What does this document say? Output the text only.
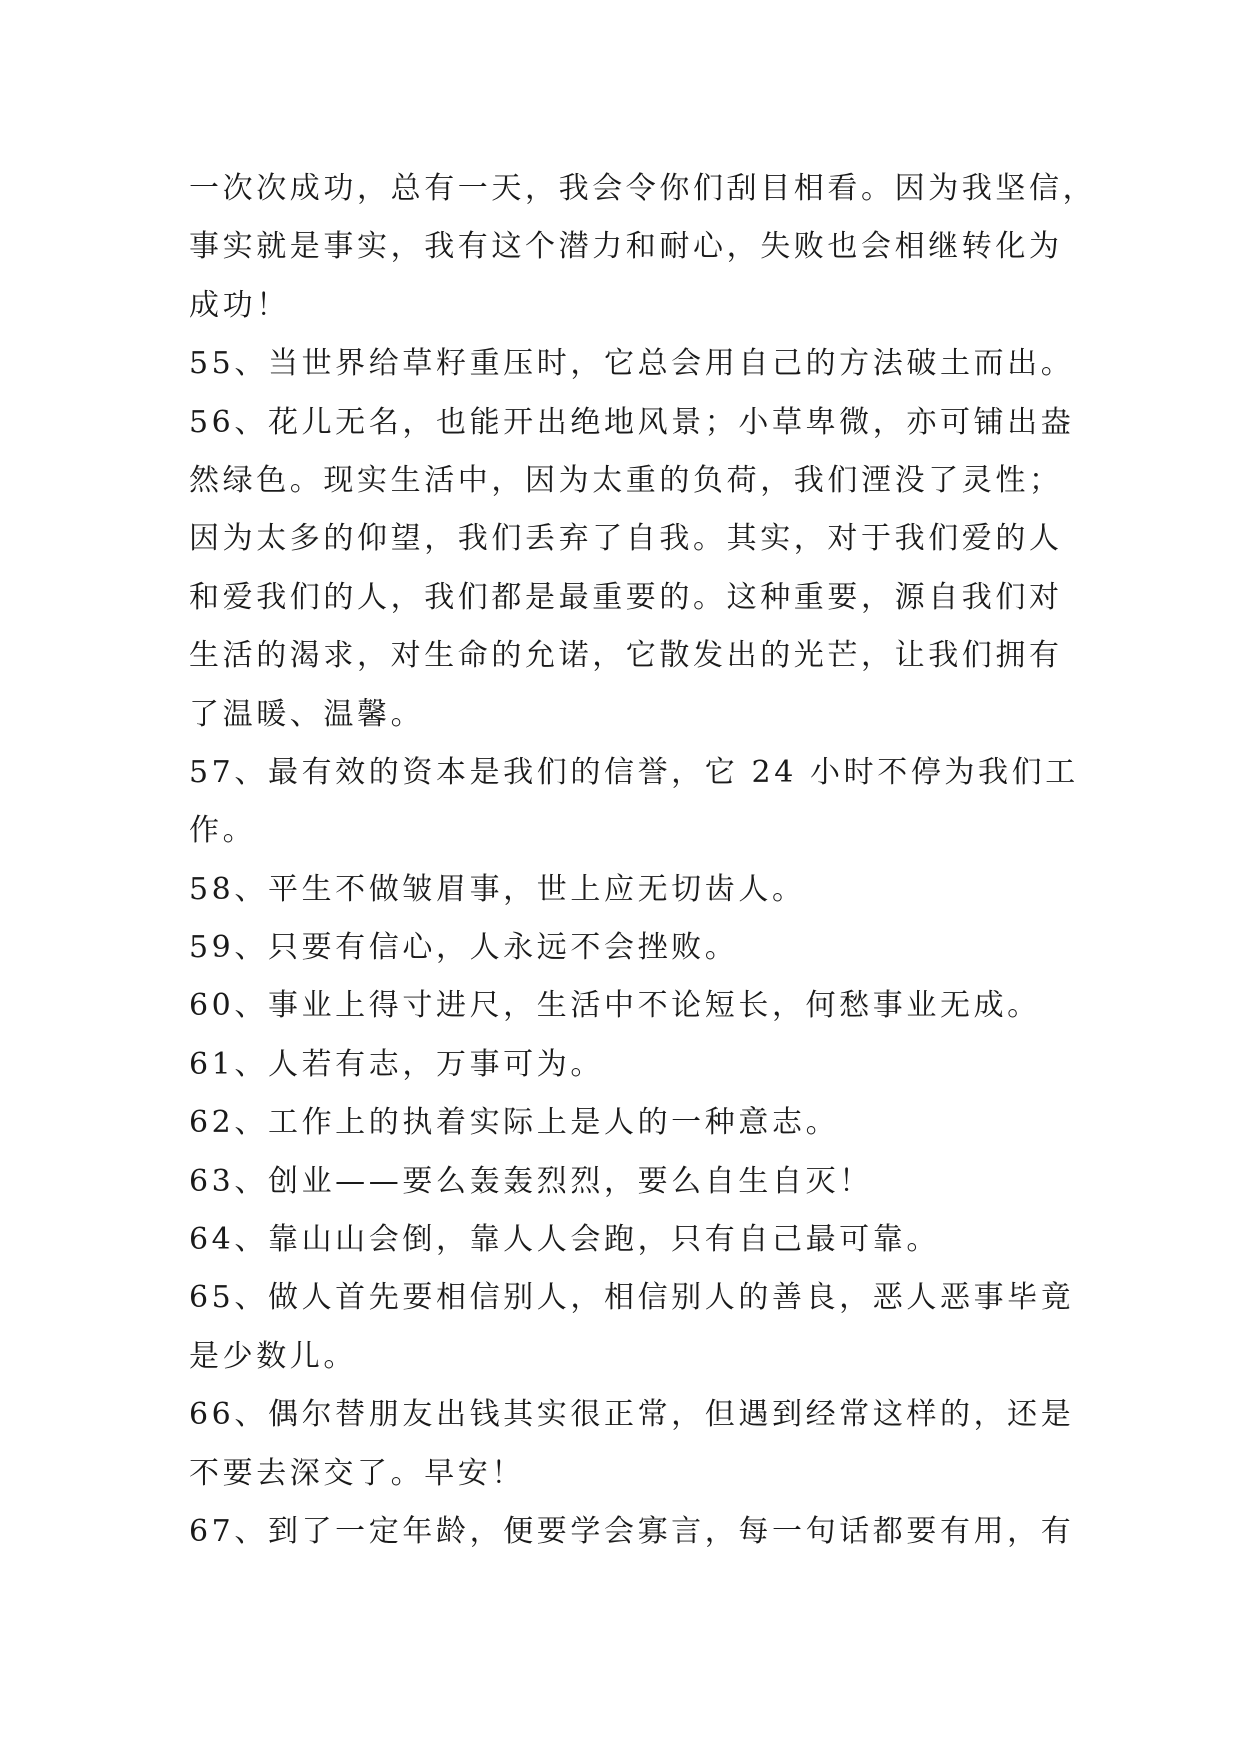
一次次成功，总有一天，我会令你们刮目相看。因为我坚信，
事实就是事实，我有这个潜力和耐心，失败也会相继转化为
成功！
55、当世界给草籽重压时，它总会用自己的方法破土而出。
56、花儿无名，也能开出绝地风景；小草卑微，亦可铺出盎
然绿色。现实生活中，因为太重的负荷，我们湮没了灵性；
因为太多的仰望，我们丢弃了自我。其实，对于我们爱的人
和爱我们的人，我们都是最重要的。这种重要，源自我们对
生活的渴求，对生命的允诺，它散发出的光芒，让我们拥有
了温暖、温馨。
57、最有效的资本是我们的信誉，它 24 小时不停为我们工
作。
58、平生不做皱眉事，世上应无切齿人。
59、只要有信心，人永远不会挫败。
60、事业上得寸进尺，生活中不论短长，何愁事业无成。
61、人若有志，万事可为。
62、工作上的执着实际上是人的一种意志。
63、创业——要么轰轰烈烈，要么自生自灭！
64、靠山山会倒，靠人人会跑，只有自己最可靠。
65、做人首先要相信别人，相信别人的善良，恶人恶事毕竟
是少数儿。
66、偶尔替朋友出钱其实很正常，但遇到经常这样的，还是
不要去深交了。早安！
67、到了一定年龄，便要学会寡言，每一句话都要有用，有
